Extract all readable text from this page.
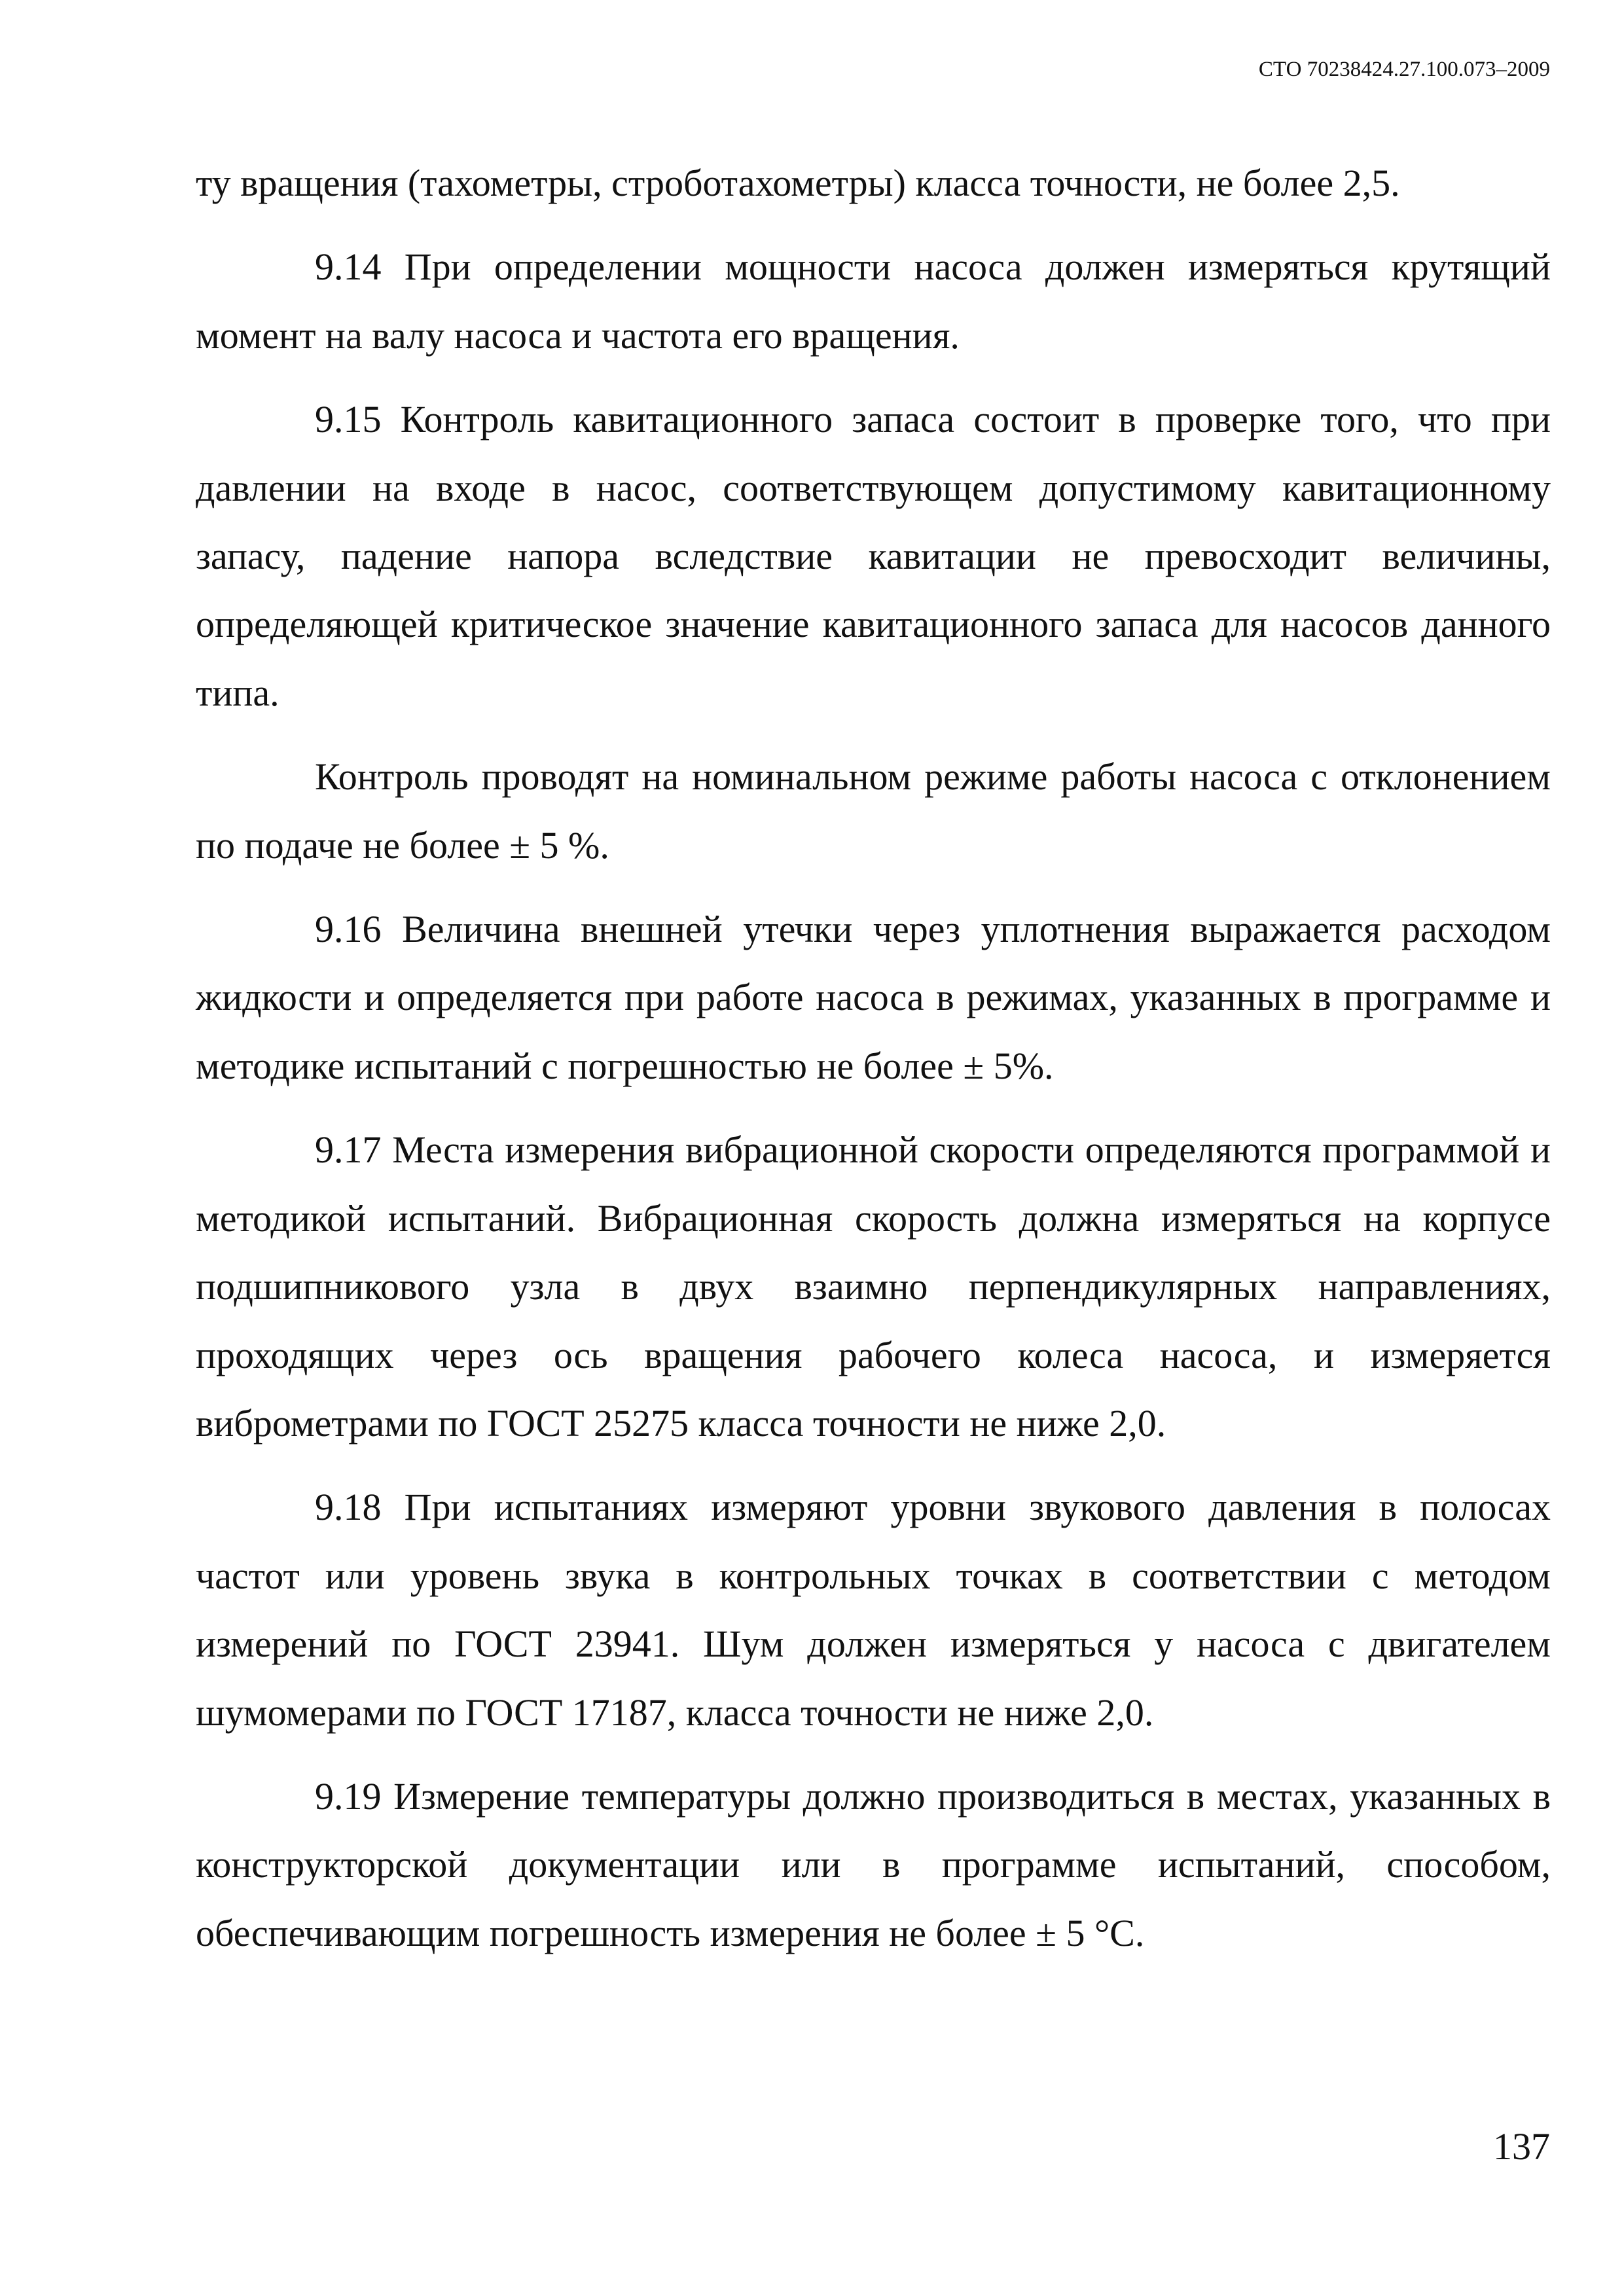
СТО 70238424.27.100.073–2009

ту вращения (тахометры, строботахометры) класса точности, не более 2,5.

9.14 При определении мощности насоса должен измеряться крутящий момент на валу насоса и частота его вращения.

9.15 Контроль кавитационного запаса состоит в проверке того, что при давлении на входе в насос, соответствующем допустимому кавитационному запасу, падение напора вследствие кавитации не превосходит величины, определяющей критическое значение кавитационного запаса для насосов данного типа.

Контроль проводят на номинальном режиме работы насоса с отклонением по подаче не более ± 5 %.

9.16 Величина внешней утечки через уплотнения выражается расходом жидкости и определяется при работе насоса в режимах, указанных в программе и методике испытаний с погрешностью не более ± 5%.

9.17 Места измерения вибрационной скорости определяются программой и методикой испытаний. Вибрационная скорость должна измеряться на корпусе подшипникового узла в двух взаимно перпендикулярных направлениях, проходящих через ось вращения рабочего колеса насоса, и измеряется виброметрами по ГОСТ 25275 класса точности не ниже 2,0.

9.18 При испытаниях измеряют уровни звукового давления в полосах частот или уровень звука в контрольных точках в соответствии с методом измерений по ГОСТ 23941. Шум должен измеряться у насоса с двигателем шумомерами по ГОСТ 17187, класса точности не ниже 2,0.

9.19 Измерение температуры должно производиться в местах, указанных в конструкторской документации или в программе испытаний, способом, обеспечивающим погрешность измерения не более ± 5 °С.

137
